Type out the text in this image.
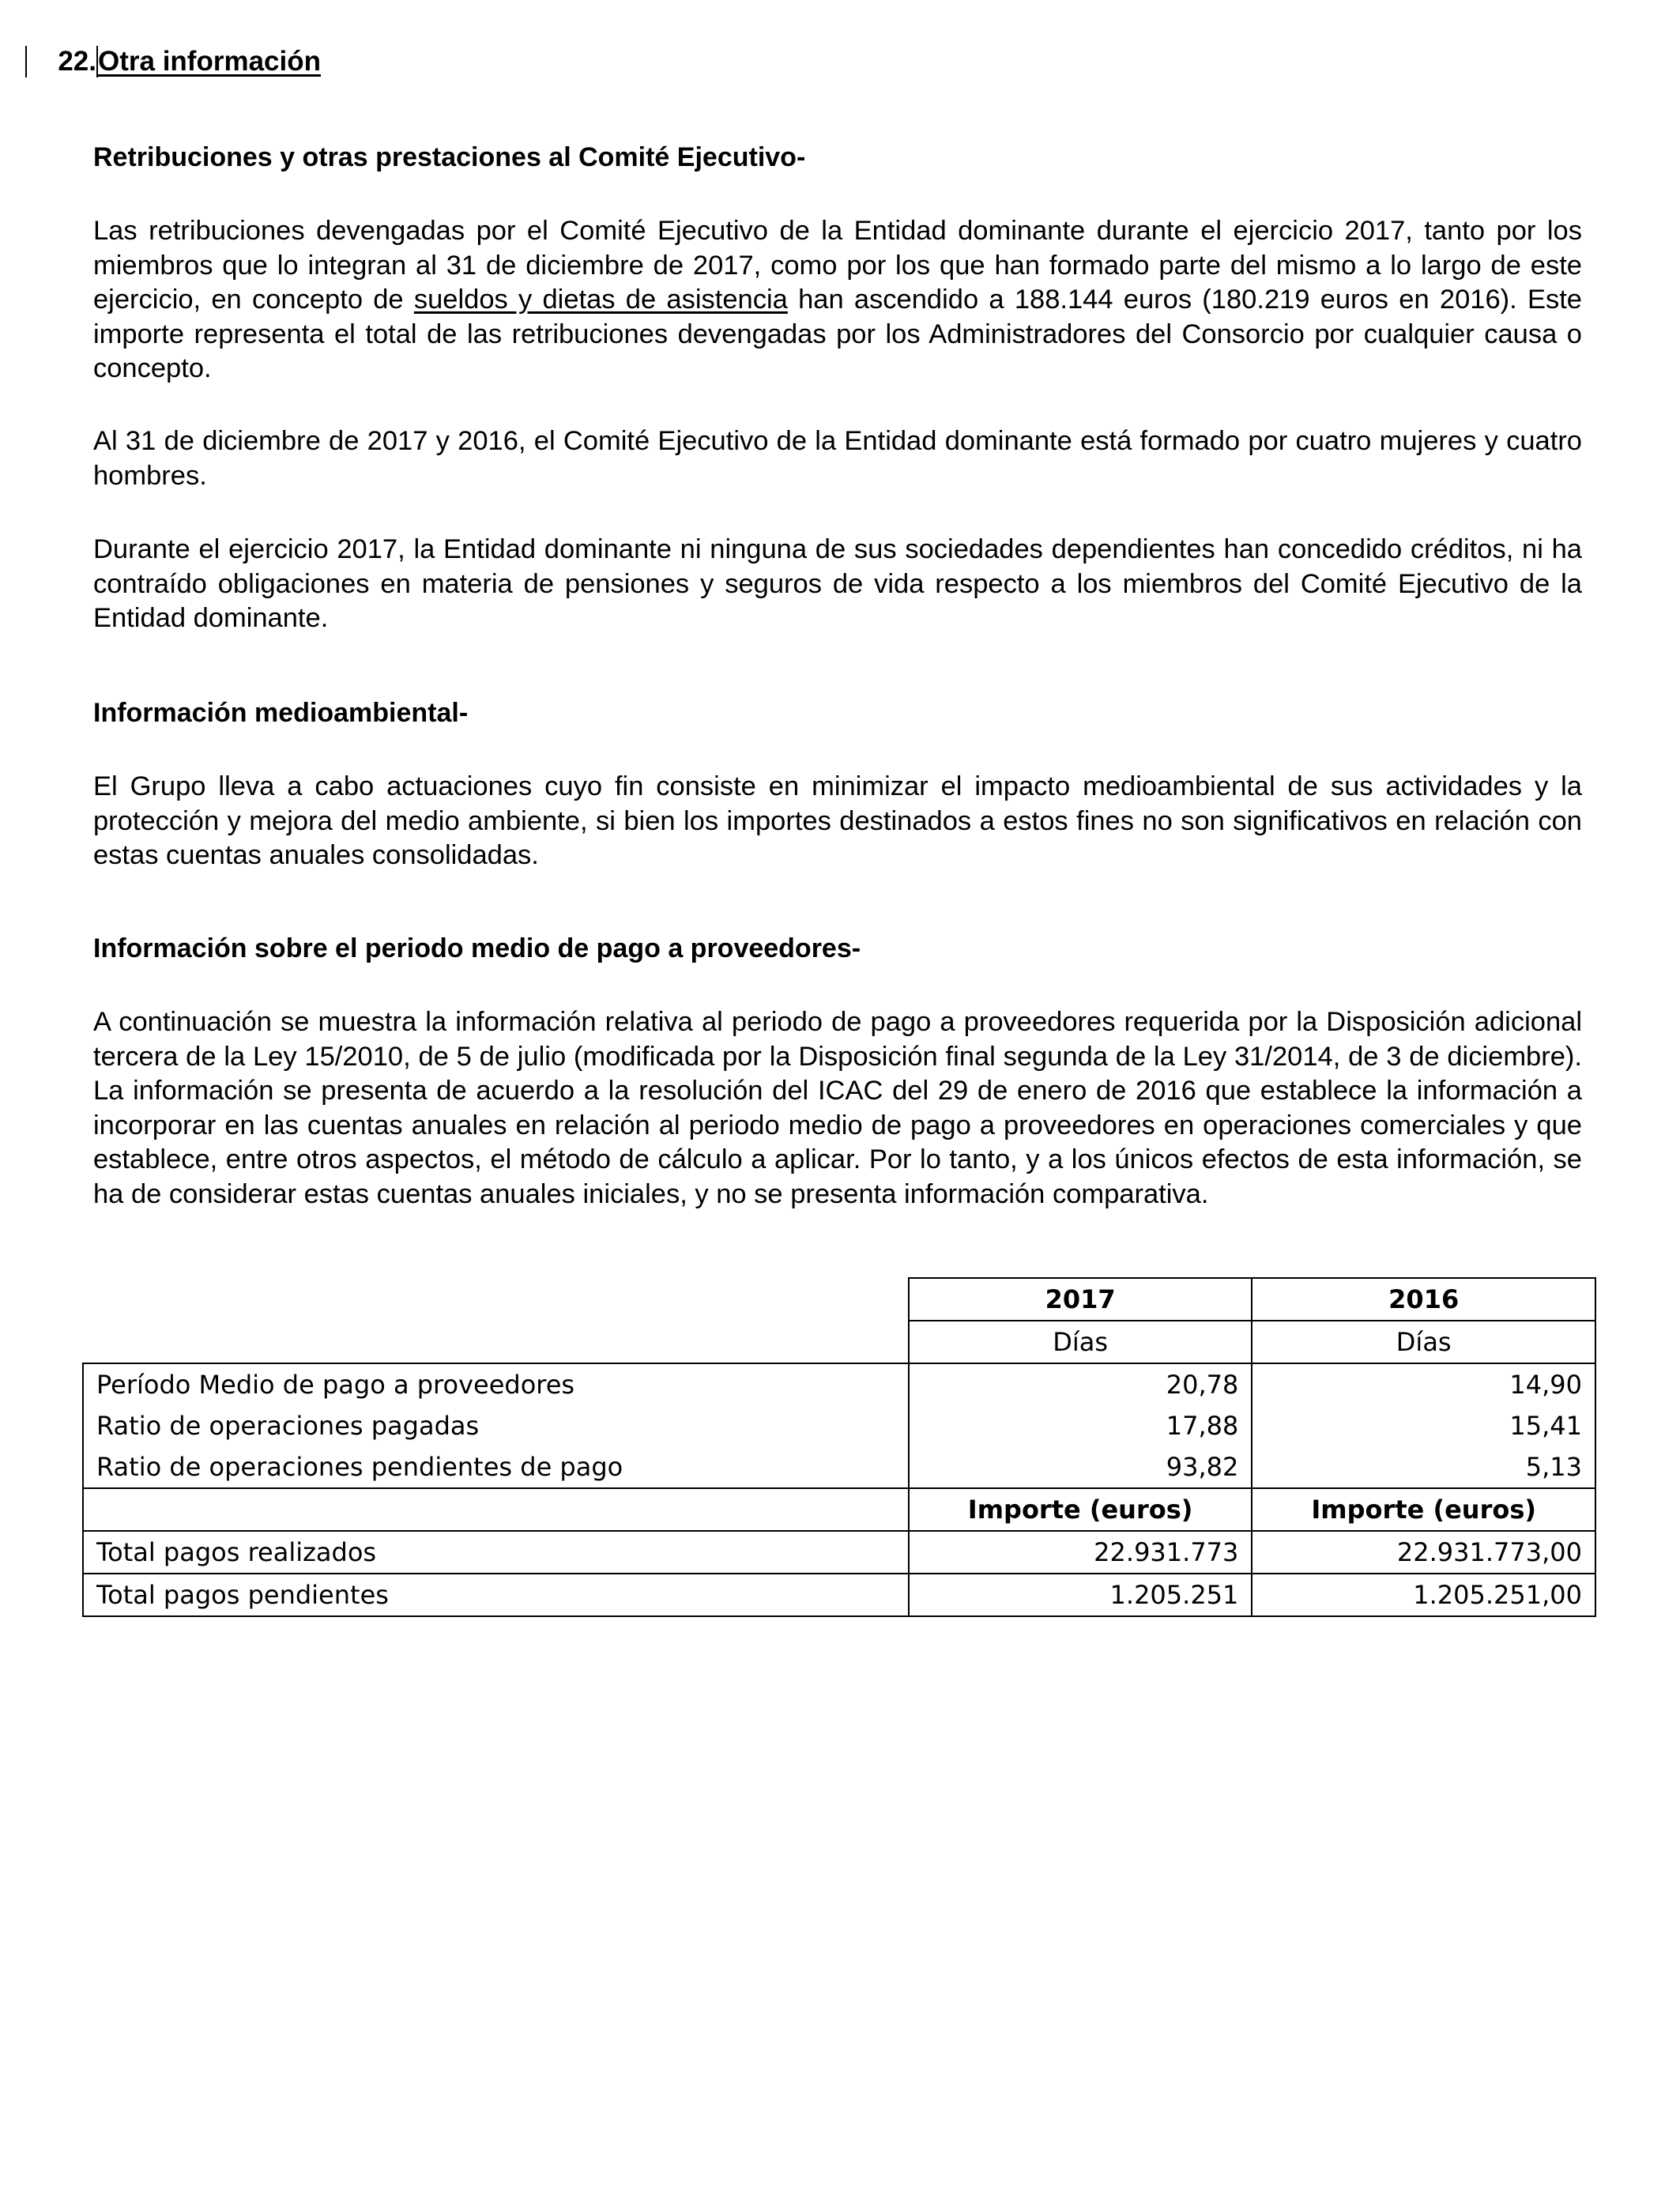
22.Otra información
Retribuciones y otras prestaciones al Comité Ejecutivo-
Las retribuciones devengadas por el Comité Ejecutivo de la Entidad dominante durante el ejercicio 2017, tanto por los miembros que lo integran al 31 de diciembre de 2017, como por los que han formado parte del mismo a lo largo de este ejercicio, en concepto de sueldos y dietas de asistencia han ascendido a 188.144 euros (180.219 euros en 2016). Este importe representa el total de las retribuciones devengadas por los Administradores del Consorcio por cualquier causa o concepto.
Al 31 de diciembre de 2017 y 2016, el Comité Ejecutivo de la Entidad dominante está formado por cuatro mujeres y cuatro hombres.
Durante el ejercicio 2017, la Entidad dominante ni ninguna de sus sociedades dependientes han concedido créditos, ni ha contraído obligaciones en materia de pensiones y seguros de vida respecto a los miembros del Comité Ejecutivo de la Entidad dominante.
Información medioambiental-
El Grupo lleva a cabo actuaciones cuyo fin consiste en minimizar el impacto medioambiental de sus actividades y la protección y mejora del medio ambiente, si bien los importes destinados a estos fines no son significativos en relación con estas cuentas anuales consolidadas.
Información sobre el periodo medio de pago a proveedores-
A continuación se muestra la información relativa al periodo de pago a proveedores requerida por la Disposición adicional tercera de la Ley 15/2010, de 5 de julio (modificada por la Disposición final segunda de la Ley 31/2014, de 3 de diciembre). La información se presenta de acuerdo a la resolución del ICAC del 29 de enero de 2016 que establece la información a incorporar en las cuentas anuales en relación al periodo medio de pago a proveedores en operaciones comerciales y que establece, entre otros aspectos, el método de cálculo a aplicar. Por lo tanto, y a los únicos efectos de esta información, se ha de considerar estas cuentas anuales iniciales, y no se presenta información comparativa.
	2017	2016
	Días	Días
Período Medio de pago a proveedores	20,78	14,90
Ratio de operaciones pagadas	17,88	15,41
Ratio de operaciones pendientes de pago	93,82	5,13
	Importe (euros)	Importe (euros)
Total pagos realizados	22.931.773	22.931.773,00
Total pagos pendientes	1.205.251	1.205.251,00
